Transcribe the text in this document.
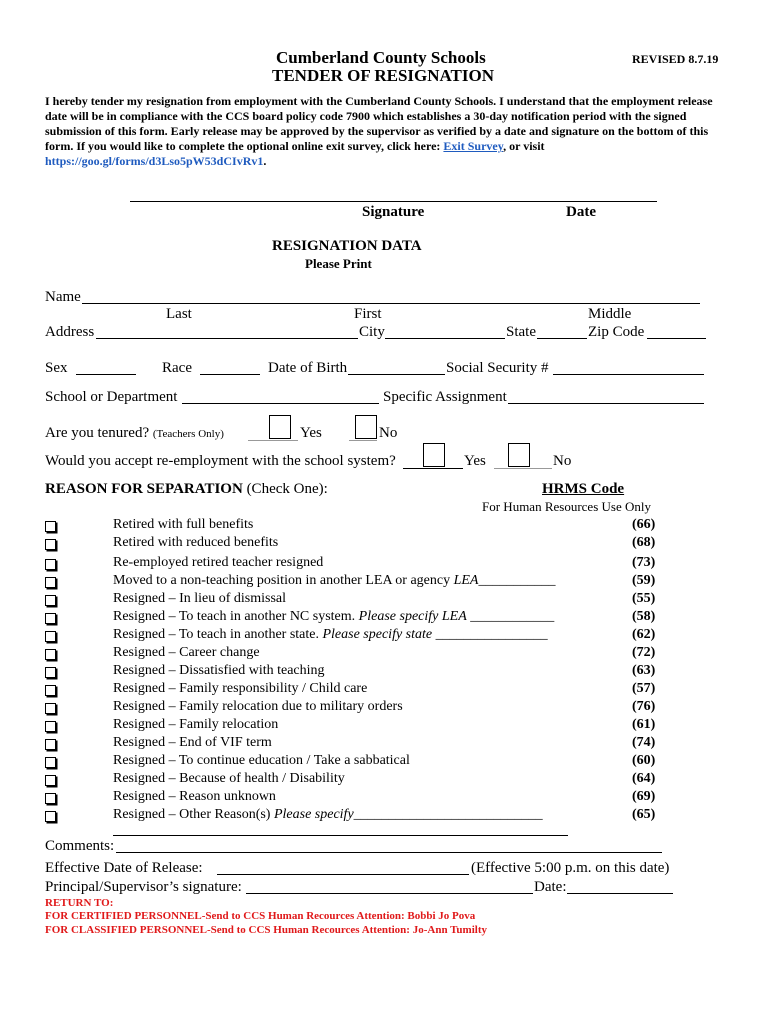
Cumberland County Schools	REVISED 8.7.19
TENDER OF RESIGNATION
I hereby tender my resignation from employment with the Cumberland County Schools. I understand that the employment release date will be in compliance with the CCS board policy code 7900 which establishes a 30-day notification period with the signed submission of this form. Early release may be approved by the supervisor as verified by a date and signature on the bottom of this form. If you would like to complete the optional online exit survey, click here: Exit Survey, or visit https://goo.gl/forms/d3Lso5pW53dCIvRv1.
Signature	Date
RESIGNATION DATA
Please Print
Name
Last	First	Middle
Address	City	State	Zip Code
Sex	Race	Date of Birth	Social Security #
School or Department	Specific Assignment
Are you tenured? (Teachers Only)	Yes	No
Would you accept re-employment with the school system?	Yes	No
REASON FOR SEPARATION (Check One):	HRMS Code
For Human Resources Use Only
Retired with full benefits	(66)
Retired with reduced benefits	(68)
Re-employed retired teacher resigned	(73)
Moved to a non-teaching position in another LEA or agency LEA___________	(59)
Resigned – In lieu of dismissal	(55)
Resigned – To teach in another NC system. Please specify LEA ____________	(58)
Resigned – To teach in another state. Please specify state ________________	(62)
Resigned – Career change	(72)
Resigned – Dissatisfied with teaching	(63)
Resigned – Family responsibility / Child care	(57)
Resigned – Family relocation due to military orders	(76)
Resigned – Family relocation	(61)
Resigned – End of VIF term	(74)
Resigned – To continue education / Take a sabbatical	(60)
Resigned – Because of health / Disability	(64)
Resigned – Reason unknown	(69)
Resigned – Other Reason(s) Please specify___________________________	(65)
Comments:
Effective Date of Release:	(Effective 5:00 p.m. on this date)
Principal/Supervisor’s signature:	Date:
RETURN TO:
FOR CERTIFIED PERSONNEL-Send to CCS Human Recources Attention: Bobbi Jo Pova
FOR CLASSIFIED PERSONNEL-Send to CCS Human Recources Attention: Jo-Ann Tumilty
